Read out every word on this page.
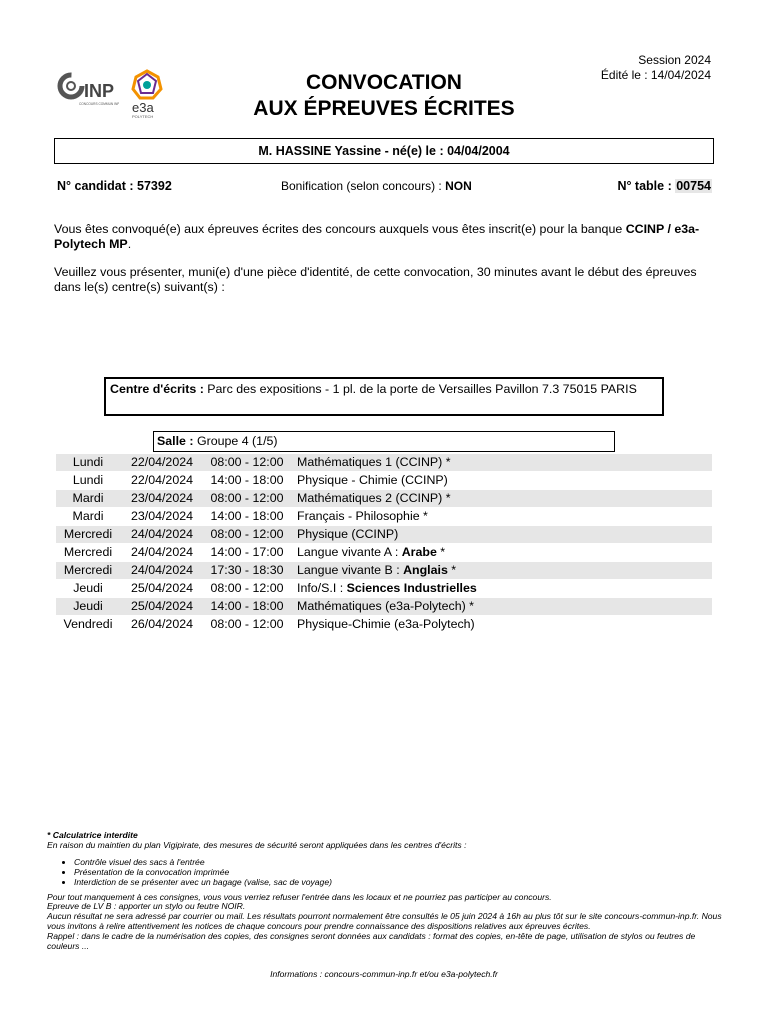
INP
CONCOURS COMMUN INP e3a
POLYTECH
CONVOCATION
AUX ÉPREUVES ÉCRITES
Session 2024
Édité le : 14/04/2024
M. HASSINE Yassine - né(e) le : 04/04/2004
N° candidat : 57392	Bonification (selon concours) : NON	N° table : 00754
Vous êtes convoqué(e) aux épreuves écrites des concours auxquels vous êtes inscrit(e) pour la banque CCINP / e3a-Polytech MP.
Veuillez vous présenter, muni(e) d'une pièce d'identité, de cette convocation, 30 minutes avant le début des épreuves dans le(s) centre(s) suivant(s) :
Centre d'écrits : Parc des expositions - 1 pl. de la porte de Versailles Pavillon 7.3 75015 PARIS
Salle : Groupe 4 (1/5)
Lundi	22/04/2024	08:00 - 12:00	Mathématiques 1 (CCINP) *
Lundi	22/04/2024	14:00 - 18:00	Physique - Chimie (CCINP)
Mardi	23/04/2024	08:00 - 12:00	Mathématiques 2 (CCINP) *
Mardi	23/04/2024	14:00 - 18:00	Français - Philosophie *
Mercredi	24/04/2024	08:00 - 12:00	Physique (CCINP)
Mercredi	24/04/2024	14:00 - 17:00	Langue vivante A : Arabe *
Mercredi	24/04/2024	17:30 - 18:30	Langue vivante B : Anglais *
Jeudi	25/04/2024	08:00 - 12:00	Info/S.I : Sciences Industrielles
Jeudi	25/04/2024	14:00 - 18:00	Mathématiques (e3a-Polytech) *
Vendredi	26/04/2024	08:00 - 12:00	Physique-Chimie (e3a-Polytech)
* Calculatrice interdite
En raison du maintien du plan Vigipirate, des mesures de sécurité seront appliquées dans les centres d'écrits :
• Contrôle visuel des sacs à l'entrée
• Présentation de la convocation imprimée
• Interdiction de se présenter avec un bagage (valise, sac de voyage)
Pour tout manquement à ces consignes, vous vous verriez refuser l'entrée dans les locaux et ne pourriez pas participer au concours.
Epreuve de LV B : apporter un stylo ou feutre NOIR.
Aucun résultat ne sera adressé par courrier ou mail. Les résultats pourront normalement être consultés le 05 juin 2024 à 16h au plus tôt sur le site concours-commun-inp.fr. Nous vous invitons à relire attentivement les notices de chaque concours pour prendre connaissance des dispositions relatives aux épreuves écrites.
Rappel : dans le cadre de la numérisation des copies, des consignes seront données aux candidats : format des copies, en-tête de page, utilisation de stylos ou feutres de couleurs ...
Informations : concours-commun-inp.fr et/ou e3a-polytech.fr
